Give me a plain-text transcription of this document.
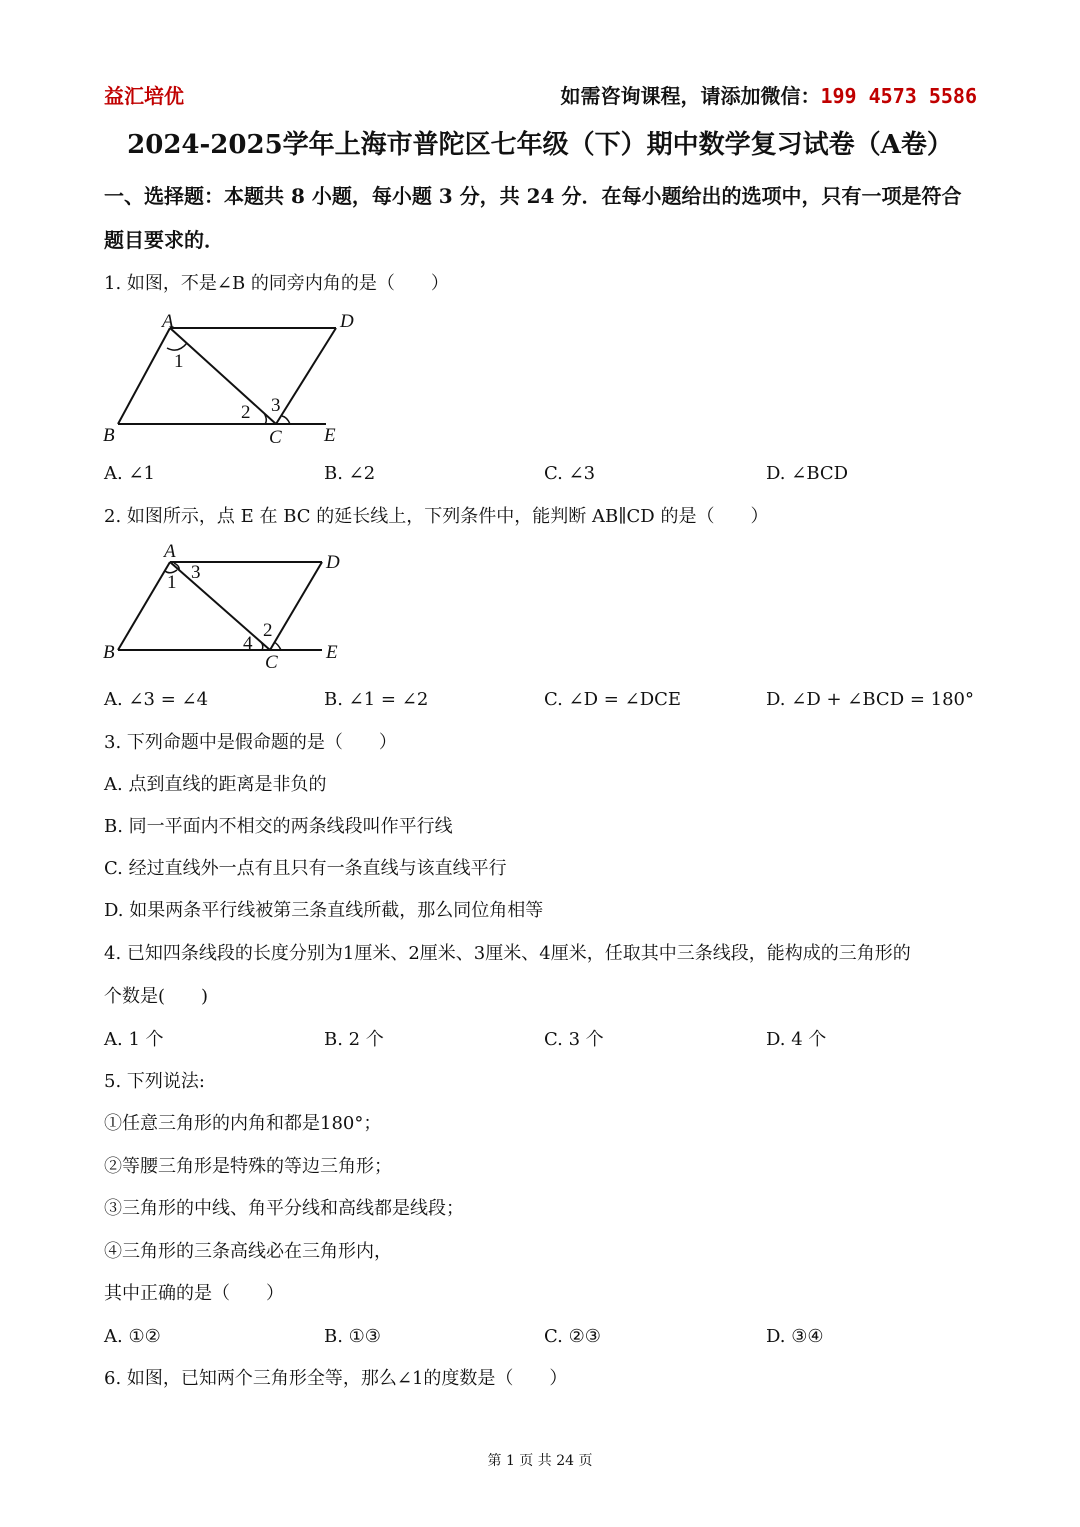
益汇培优	如需咨询课程，请添加微信：199 4573 5586
2024-2025学年上海市普陀区七年级（下）期中数学复习试卷（A卷）
一、选择题：本题共 8 小题，每小题 3 分，共 24 分．在每小题给出的选项中，只有一项是符合题目要求的．
1. 如图，不是∠B 的同旁内角的是（　　）
A	D
1
2 3
B	C E
A. ∠1	B. ∠2	C. ∠3	D. ∠BCD
2. 如图所示，点 E 在 BC 的延长线上，下列条件中，能判断 AB∥CD 的是（　　）
A
D
1 3
2
4
B	C	E
A. ∠3 = ∠4	B. ∠1 = ∠2	C. ∠D = ∠DCE	D. ∠D + ∠BCD = 180°
3. 下列命题中是假命题的是（　　）
A. 点到直线的距离是非负的
B. 同一平面内不相交的两条线段叫作平行线
C. 经过直线外一点有且只有一条直线与该直线平行
D. 如果两条平行线被第三条直线所截，那么同位角相等
4. 已知四条线段的长度分别为1厘米、2厘米、3厘米、4厘米，任取其中三条线段，能构成的三角形的
个数是(　　)
A. 1 个	B. 2 个	C. 3 个	D. 4 个
5. 下列说法:
①任意三角形的内角和都是180°；
②等腰三角形是特殊的等边三角形；
③三角形的中线、角平分线和高线都是线段；
④三角形的三条高线必在三角形内，
其中正确的是（　　）
A. ①②	B. ①③	C. ②③	D. ③④
6. 如图，已知两个三角形全等，那么∠1的度数是（　　）
第 1 页 共 24 页
